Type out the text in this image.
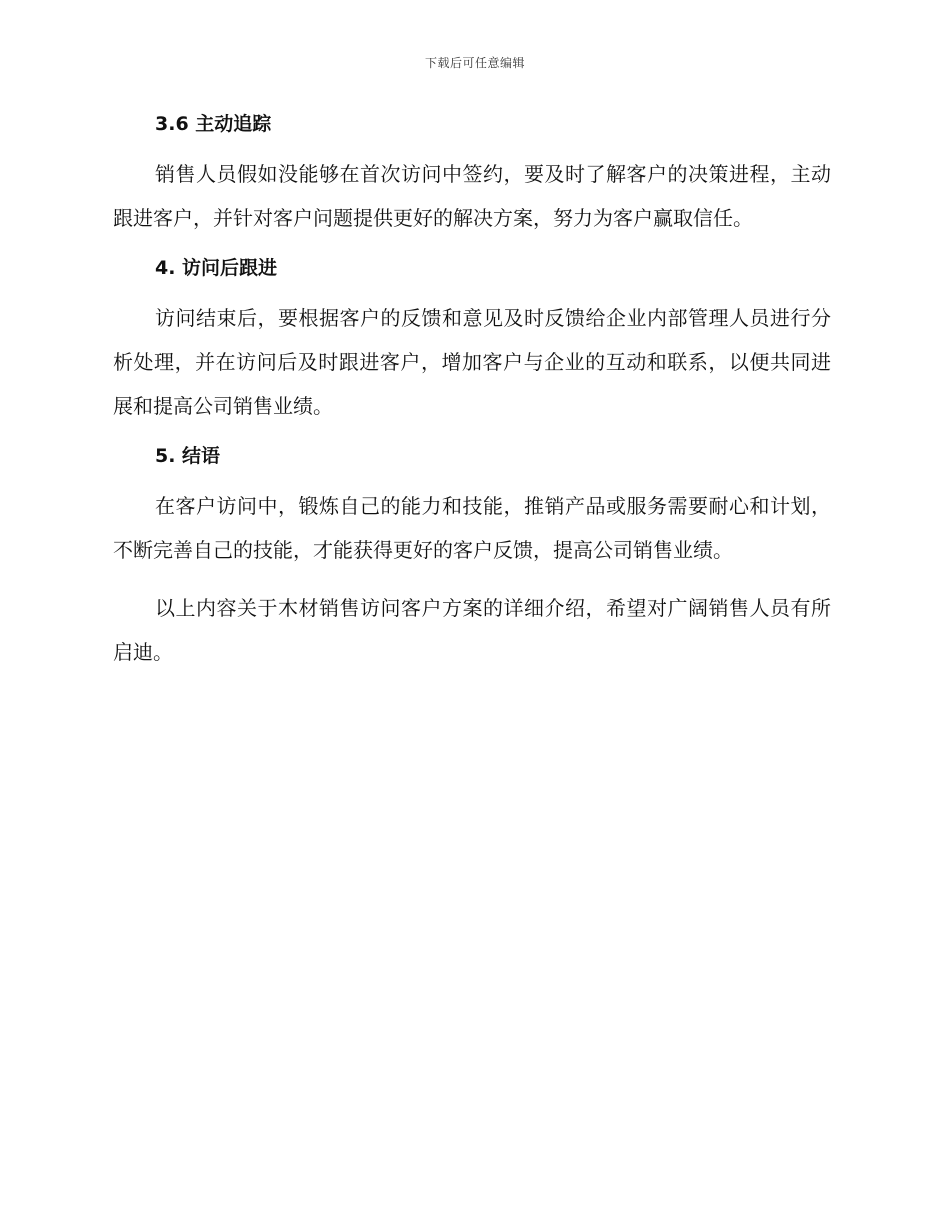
下载后可任意编辑
3.6 主动追踪

销售人员假如没能够在首次访问中签约，要及时了解客户的决策进程，主动跟进客户，并针对客户问题提供更好的解决方案，努力为客户赢取信任。

4. 访问后跟进

访问结束后，要根据客户的反馈和意见及时反馈给企业内部管理人员进行分析处理，并在访问后及时跟进客户，增加客户与企业的互动和联系，以便共同进展和提高公司销售业绩。

5. 结语

在客户访问中，锻炼自己的能力和技能，推销产品或服务需要耐心和计划，不断完善自己的技能，才能获得更好的客户反馈，提高公司销售业绩。

以上内容关于木材销售访问客户方案的详细介绍，希望对广阔销售人员有所启迪。
